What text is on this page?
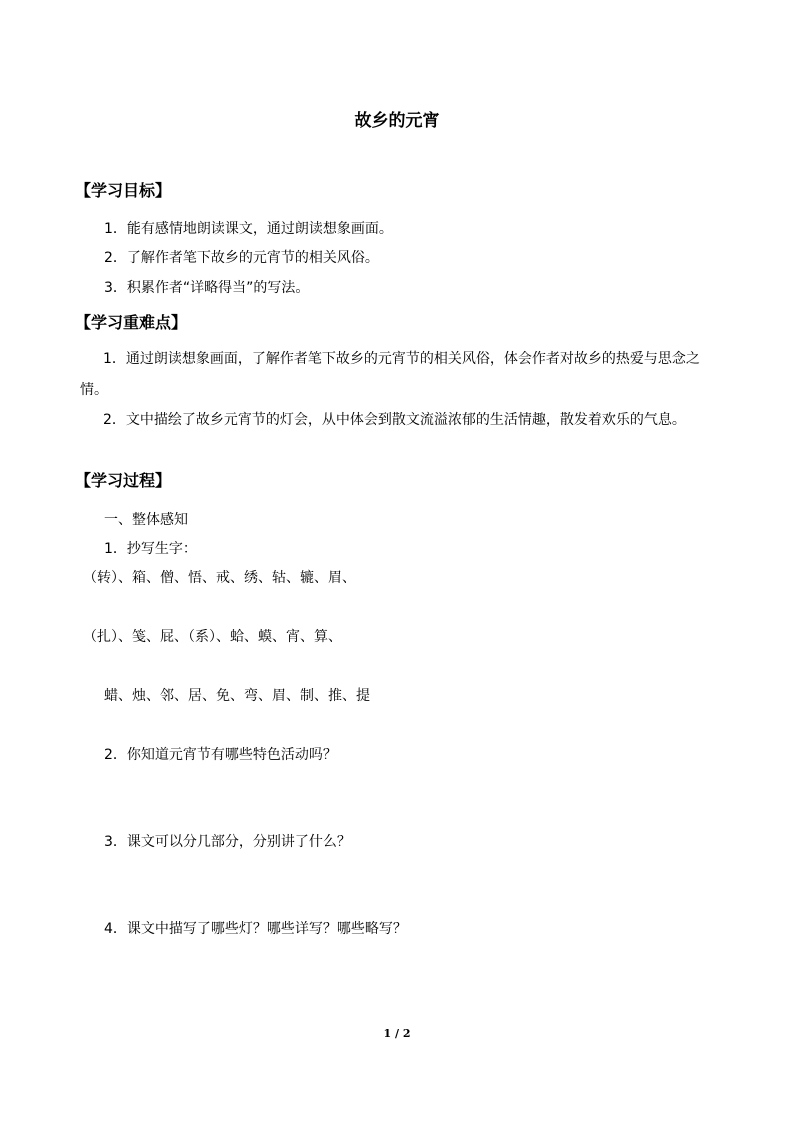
故乡的元宵
【学习目标】
1．能有感情地朗读课文，通过朗读想象画面。
2．了解作者笔下故乡的元宵节的相关风俗。
3．积累作者“详略得当”的写法。
【学习重难点】
1．通过朗读想象画面，了解作者笔下故乡的元宵节的相关风俗，体会作者对故乡的热爱与思念之情。
2．文中描绘了故乡元宵节的灯会，从中体会到散文流溢浓郁的生活情趣，散发着欢乐的气息。
【学习过程】
一、整体感知
1．抄写生字：
（转）、箱、僧、悟、戒、绣、轱、辘、眉、
（扎）、笺、屁、（系）、蛤、蟆、宵、算、
蜡、烛、邻、居、免、弯、眉、制、推、提
2．你知道元宵节有哪些特色活动吗？
3．课文可以分几部分，分别讲了什么？
4．课文中描写了哪些灯？哪些详写？哪些略写？
1 / 2
